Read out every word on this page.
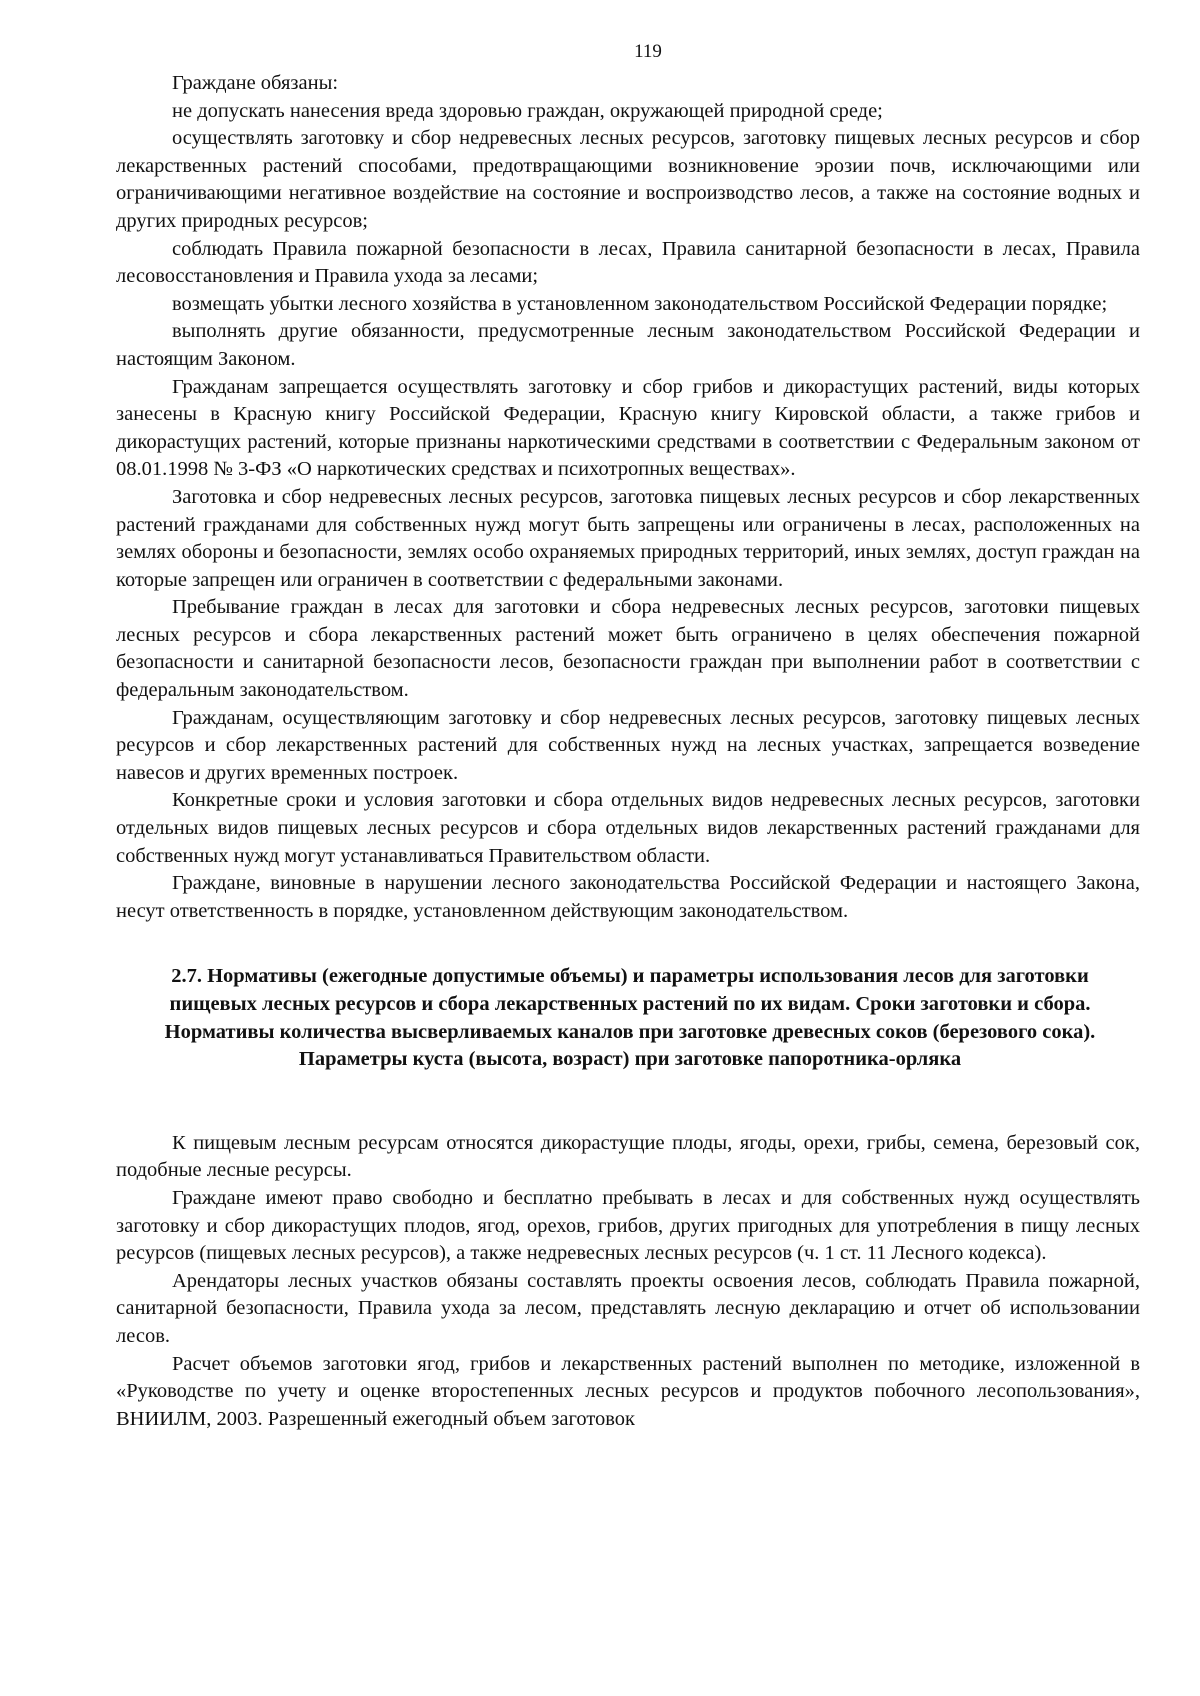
119

Граждане обязаны:

не допускать нанесения вреда здоровью граждан, окружающей природной среде;

осуществлять заготовку и сбор недревесных лесных ресурсов, заготовку пищевых лесных ресурсов и сбор лекарственных растений способами, предотвращающими возникновение эрозии почв, исключающими или ограничивающими негативное воздействие на состояние и воспроизводство лесов, а также на состояние водных и других природных ресурсов;

соблюдать Правила пожарной безопасности в лесах, Правила санитарной безопасности в лесах, Правила лесовосстановления и Правила ухода за лесами;

возмещать убытки лесного хозяйства в установленном законодательством Российской Федерации порядке;

выполнять другие обязанности, предусмотренные лесным законодательством Российской Федерации и настоящим Законом.

Гражданам запрещается осуществлять заготовку и сбор грибов и дикорастущих растений, виды которых занесены в Красную книгу Российской Федерации, Красную книгу Кировской области, а также грибов и дикорастущих растений, которые признаны наркотическими средствами в соответствии с Федеральным законом от 08.01.1998 № 3-ФЗ «О наркотических средствах и психотропных веществах».

Заготовка и сбор недревесных лесных ресурсов, заготовка пищевых лесных ресурсов и сбор лекарственных растений гражданами для собственных нужд могут быть запрещены или ограничены в лесах, расположенных на землях обороны и безопасности, землях особо охраняемых природных территорий, иных землях, доступ граждан на которые запрещен или ограничен в соответствии с федеральными законами.

Пребывание граждан в лесах для заготовки и сбора недревесных лесных ресурсов, заготовки пищевых лесных ресурсов и сбора лекарственных растений может быть ограничено в целях обеспечения пожарной безопасности и санитарной безопасности лесов, безопасности граждан при выполнении работ в соответствии с федеральным законодательством.

Гражданам, осуществляющим заготовку и сбор недревесных лесных ресурсов, заготовку пищевых лесных ресурсов и сбор лекарственных растений для собственных нужд на лесных участках, запрещается возведение навесов и других временных построек.

Конкретные сроки и условия заготовки и сбора отдельных видов недревесных лесных ресурсов, заготовки отдельных видов пищевых лесных ресурсов и сбора отдельных видов лекарственных растений гражданами для собственных нужд могут устанавливаться Правительством области.

Граждане, виновные в нарушении лесного законодательства Российской Федерации и настоящего Закона, несут ответственность в порядке, установленном действующим законодательством.

2.7. Нормативы (ежегодные допустимые объемы) и параметры использования лесов для заготовки пищевых лесных ресурсов и сбора лекарственных растений по их видам. Сроки заготовки и сбора. Нормативы количества высверливаемых каналов при заготовке древесных соков (березового сока). Параметры куста (высота, возраст) при заготовке папоротника-орляка

К пищевым лесным ресурсам относятся дикорастущие плоды, ягоды, орехи, грибы, семена, березовый сок, подобные лесные ресурсы.

Граждане имеют право свободно и бесплатно пребывать в лесах и для собственных нужд осуществлять заготовку и сбор дикорастущих плодов, ягод, орехов, грибов, других пригодных для употребления в пищу лесных ресурсов (пищевых лесных ресурсов), а также недревесных лесных ресурсов (ч. 1 ст. 11 Лесного кодекса).

Арендаторы лесных участков обязаны составлять проекты освоения лесов, соблюдать Правила пожарной, санитарной безопасности, Правила ухода за лесом, представлять лесную декларацию и отчет об использовании лесов.

Расчет объемов заготовки ягод, грибов и лекарственных растений выполнен по методике, изложенной в «Руководстве по учету и оценке второстепенных лесных ресурсов и продуктов побочного лесопользования», ВНИИЛМ, 2003. Разрешенный ежегодный объем заготовок
